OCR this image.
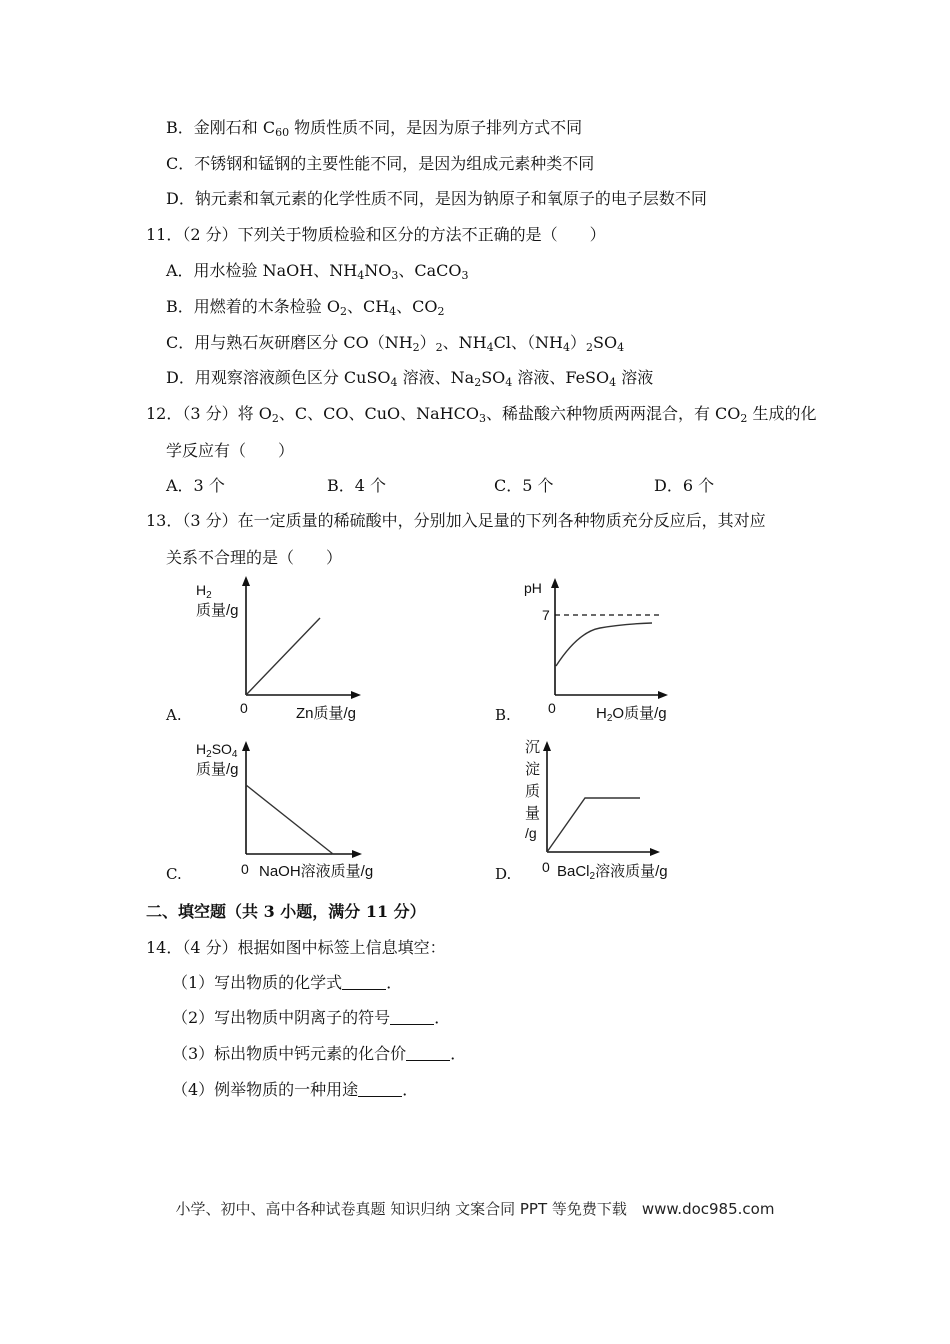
B．金刚石和 $C_{60}$ 物质性质不同，是因为原子排列方式不同
C．不锈钢和锰钢的主要性能不同，是因为组成元素种类不同
D．钠元素和氧元素的化学性质不同，是因为钠原子和氧原子的电子层数不同
11．（2 分）下列关于物质检验和区分的方法不正确的是（　　）
A．用水检验 NaOH、$NH_4NO_3$、CaCO$_3$
B．用燃着的木条检验 $O_2$、$CH_4$、$CO_2$
C．用与熟石灰研磨区分 $CO(NH_2)_2$、$NH_4Cl$、$(NH_4)_2SO_4$
D．用观察溶液颜色区分 CuSO$_4$ 溶液、$Na_2SO_4$ 溶液、FeSO$_4$ 溶液
12．（3 分）将 $O_2$、C、CO、CuO、NaHCO$_3$、稀盐酸六种物质两两混合，有 $CO_2$ 生成的化
学反应有（　　）
A．3 个	B．4 个	C．5 个	D．6 个
13．（3 分）在一定质量的稀硫酸中，分别加入足量的下列各种物质充分反应后，其对应
关系不合理的是（　　）
$H_2$
质量/g
0	Zn质量/g
A.
pH
7
0	$H_2O$质量/g
B.
$H_2SO_4$
质量/g
0 NaOH溶液质量/g
C.
沉
淀
质
量
/g
0 BaCl$_2$溶液质量/g
D.
二、填空题（共 3 小题，满分 11 分）
14．（4 分）根据如图中标签上信息填空：
（1）写出物质的化学式	．
（2）写出物质中阴离子的符号	．
（3）标出物质中钙元素的化合价	．
（4）例举物质的一种用途	．
小学、初中、高中各种试卷真题 知识归纳 文案合同 PPT 等免费下载　www.doc985.com
